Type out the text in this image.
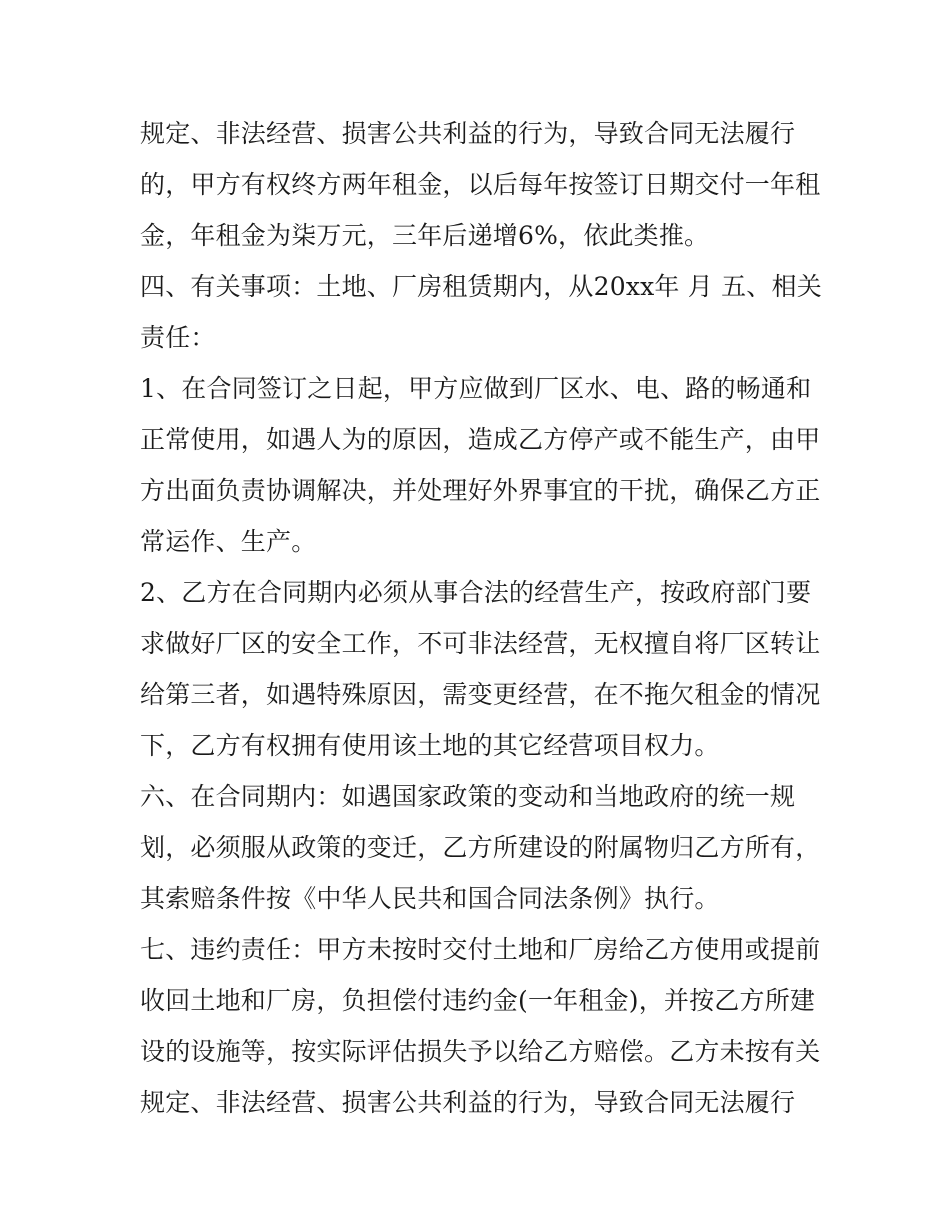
规定、非法经营、损害公共利益的行为，导致合同无法履行
的，甲方有权终方两年租金，以后每年按签订日期交付一年租
金，年租金为柒万元，三年后递增6%，依此类推。
四、有关事项：土地、厂房租赁期内，从20xx年 月 五、相关
责任：
1、在合同签订之日起，甲方应做到厂区水、电、路的畅通和
正常使用，如遇人为的原因，造成乙方停产或不能生产，由甲
方出面负责协调解决，并处理好外界事宜的干扰，确保乙方正
常运作、生产。
2、乙方在合同期内必须从事合法的经营生产，按政府部门要
求做好厂区的安全工作，不可非法经营，无权擅自将厂区转让
给第三者，如遇特殊原因，需变更经营，在不拖欠租金的情况
下，乙方有权拥有使用该土地的其它经营项目权力。
六、在合同期内：如遇国家政策的变动和当地政府的统一规
划，必须服从政策的变迁，乙方所建设的附属物归乙方所有，
其索赔条件按《中华人民共和国合同法条例》执行。
七、违约责任：甲方未按时交付土地和厂房给乙方使用或提前
收回土地和厂房，负担偿付违约金(一年租金)，并按乙方所建
设的设施等，按实际评估损失予以给乙方赔偿。乙方未按有关
规定、非法经营、损害公共利益的行为，导致合同无法履行
